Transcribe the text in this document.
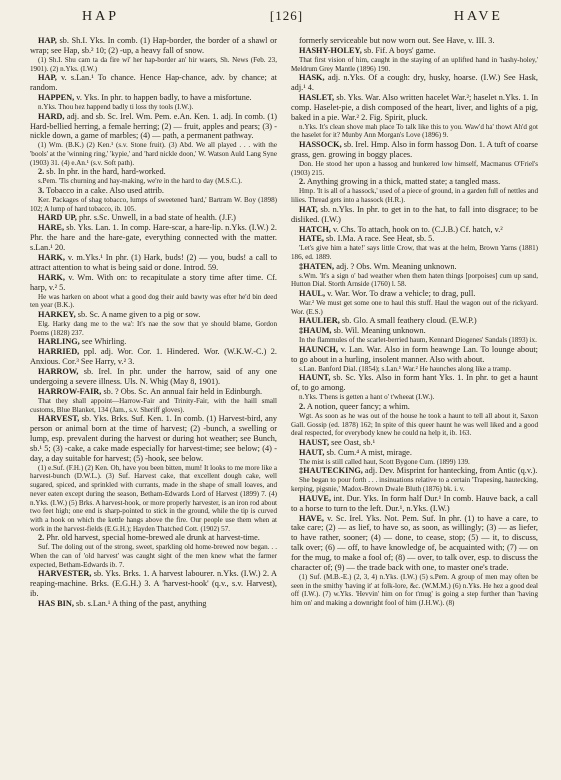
HAP	[126]	HAVE

HAP, sb. Sh.I. Yks. In comb. (1) Hap-border, the border of a shawl or wrap; see Hap, sb.² 10; (2) -up, a heavy fall of snow.

(1) Sh.I. Shu cam ta da fire wi' her hap-border an' hir waers, Sh. News (Feb. 23, 1901). (2) n.Yks. (I.W.)

HAP, v. s.Lan.¹ To chance. Hence Hap-chance, adv. by chance; at random.

HAPPEN, v. Yks. In phr. to happen badly, to have a misfortune.

n.Yks. Thou hez happend badly ti loss thy tools (I.W.).

HARD, adj. and sb. Sc. Irel. Wm. Pem. e.An. Ken. 1. adj. In comb. (1) Hard-bellied herring, a female herring; (2) — fruit, apples and pears; (3) -nickle down, a game of marbles; (4) — path, a permanent pathway.

(1) Wm. (B.K.) (2) Ken.¹ (s.v. Stone fruit). (3) Abd. We all played . . . with the 'bools' at the 'winning ring,' 'kypie,' and 'hard nickle doon,' W. Watson Auld Lang Syne (1903) 31. (4) e.An.¹ (s.v. Soft path).

2. sb. In phr. in the hard, hard-worked.

s.Pem. 'Tis churning and hay-making, we're in the hard to day (M.S.C.).

3. Tobacco in a cake. Also used attrib.

Ker. Packages of shag tobacco, lumps of sweetened 'hard,' Bartram W. Boy (1898) 102; A lump of hard tobacco, ib. 105.

HARD UP, phr. s.Sc. Unwell, in a bad state of health. (J.F.)

HARE, sb. Yks. Lan. 1. In comp. Hare-scar, a hare-lip. n.Yks. (I.W.) 2. Phr. the hare and the hare-gate, everything connected with the matter. s.Lan.¹ 20.

HARK, v. m.Yks.¹ In phr. (1) Hark, buds! (2) — you, buds! a call to attract attention to what is being said or done. Introd. 59.

HARK, v. Wm. With on: to recapitulate a story time after time. Cf. harp, v.² 5.

He was harken on aboot what a good dog their auld bawty was efter he'd bin deed ten year (B.K.).

HARKEY, sb. Sc. A name given to a pig or sow.

Elg. Harky dang me to the wa': It's nae the sow that ye should blame, Gordon Poems (1828) 237.

HARLING, see Whirling.

HARRIED, ppl. adj. Wor. Cor. 1. Hindered. Wor. (W.K.W.-C.) 2. Anxious. Cor.³ See Harry, v.² 3.

HARROW, sb. Irel. In phr. under the harrow, said of any one undergoing a severe illness. Uls. N. Whig (May 8, 1901).

HARROW-FAIR, sb. ? Obs. Sc. An annual fair held in Edinburgh.

That they shall appoint—Harrow-Fair and Trinity-Fair, with the haill small customs, Blue Blanket, 134 (Jam., s.v. Sheriff gloves).

HARVEST, sb. Yks. Brks. Suf. Ken. 1. In comb. (1) Harvest-bird, any person or animal born at the time of harvest; (2) -bunch, a swelling or lump, esp. prevalent during the harvest or during hot weather; see Bunch, sb.¹ 5; (3) -cake, a cake made especially for harvest-time; see below; (4) -day, a day suitable for harvest; (5) -hook, see below.

(1) e.Suf. (F.H.) (2) Ken. Oh, have you been bitten, mum! It looks to me more like a harvest-bunch (D.W.L.). (3) Suf. Harvest cake, that excellent dough cake, well sugared, spiced, and sprinkled with currants, made in the shape of small loaves, and never eaten except during the season, Betham-Edwards Lord of Harvest (1899) 7. (4) n.Yks. (I.W.) (5) Brks. A harvest-hook, or more properly harvester, is an iron rod about two feet high; one end is sharp-pointed to stick in the ground, while the tip is curved with a hook on which the kettle hangs above the fire. Our people use them when at work in the harvest-fields (E.G.H.); Hayden Thatched Cott. (1902) 57.

2. Phr. old harvest, special home-brewed ale drunk at harvest-time.

Suf. The doling out of the strong, sweet, sparkling old home-brewed now began. . . When the can of 'old harvest' was caught sight of the men knew what the farmer expected, Betham-Edwards ib. 7.

HARVESTER, sb. Yks. Brks. 1. A harvest labourer. n.Yks. (I.W.) 2. A reaping-machine. Brks. (E.G.H.) 3. A 'harvest-hook' (q.v., s.v. Harvest), ib.

HAS BIN, sb. s.Lan.¹ A thing of the past, anything

formerly serviceable but now worn out. See Have, v. III. 3.

HASHY-HOLEY, sb. Fif. A boys' game.

That first vision of him, caught in the staying of an uplifted hand in 'hashy-holey,' Meldrum Grey Mantle (1896) 190.

HASK, adj. n.Yks. Of a cough: dry, husky, hoarse. (I.W.) See Hask, adj.¹ 4.

HASLET, sb. Yks. War. Also written hacelet War.²; haselet n.Yks. 1. In comp. Haselet-pie, a dish composed of the heart, liver, and lights of a pig, baked in a pie. War.² 2. Fig. Spirit, pluck.

n.Yks. It's clean shove mah place To talk like this to you. Waw'd ha' thowt Ah'd got the haselet for it? Munby Ann Morgan's Love (1896) 9.

HASSOCK, sb. Irel. Hmp. Also in form hassog Don. 1. A tuft of coarse grass, gen. growing in boggy places.

Don. He stood her upon a hassog and hunkered low himself, Macmanus O'Friel's (1903) 215.

2. Anything growing in a thick, matted state; a tangled mass.

Hmp. 'It is all of a hassock,' used of a piece of ground, in a garden full of nettles and lilies. Thread gets into a hassock (H.R.).

HAT, sb. n.Yks. In phr. to get in to the hat, to fall into disgrace; to be disliked. (I.W.)

HATCH, v. Chs. To attach, hook on to. (C.J.B.) Cf. hatch, v.²

HATE, sb. I.Ma. A race. See Heat, sb. 5.

'Let's give him a hate!' says little Crow, that was at the helm, Brown Yarns (1881) 186, ed. 1889.

‡HATEN, adj. ? Obs. Wm. Meaning unknown.

s.Wm. 'It's a sign o' bad weather when them haten things [porpoises] cum up sand, Hutton Dial. Storth Arnside (1760) l. 58.

HAUL, v. War. Wor. To draw a vehicle; to drag, pull.

War.² We must get some one to haul this stuff. Haul the wagon out of the rickyard. Wor. (E.S.)

HAULIER, sb. Glo. A small feathery cloud. (E.W.P.)

‡HAUM, sb. Wil. Meaning unknown.

In the flammules of the scarlet-berried haum, Kennard Diogenes' Sandals (1893) ix.

HAUNCH, v. Lan. War. Also in form heawnge Lan. To lounge about; to go about in a hurling, insolent manner. Also with about.

s.Lan. Banford Dial. (1854); s.Lan.¹ War.² He haunches along like a tramp.

HAUNT, sb. Sc. Yks. Also in form hant Yks. 1. In phr. to get a haunt of, to go among.

n.Yks. T'hens is getten a hant o' t'wheeat (I.W.).

2. A notion, queer fancy; a whim.

Wgt. As soon as he was out of the house he took a haunt to tell all about it, Saxon Gall. Gossip (ed. 1878) 162; In spite of this queer haunt he was well liked and a good deal respected, for everybody knew he could na help it, ib. 163.

HAUST, see Oast, sb.¹

HAUT, sb. Cum.⁴ A mist, mirage.

The mist is still called haut, Scott Bygone Cum. (1899) 139.

‡HAUTECKING, adj. Dev. Misprint for hantecking, from Antic (q.v.).

She began to pour forth . . . insinuations relative to a certain 'Trapesing, hautecking, kerping, pigsnie,' Madox-Brown Dwale Bluth (1876) bk. i. v.

HAUVE, int. Dur. Yks. In form half Dur.¹ In comb. Hauve back, a call to a horse to turn to the left. Dur.¹, n.Yks. (I.W.)

HAVE, v. Sc. Irel. Yks. Not. Pem. Suf. In phr. (1) to have a care, to take care; (2) — as lief, to have so, as soon, as willingly; (3) — as liefer, to have rather, sooner; (4) — done, to cease, stop; (5) — it, to discuss, talk over; (6) — off, to have knowledge of, be acquainted with; (7) — on for the mug, to make a fool of; (8) — over, to talk over, esp. to discuss the character of; (9) — the trade back with one, to master one's trade.

(1) Suf. (M.B.-E.) (2, 3, 4) n.Yks. (I.W.) (5) s.Pem. A group of men may often be seen in the smithy 'having it' at folk-lore, &c. (W.M.M.) (6) n.Yks. He hez a good deal off (I.W.). (7) w.Yks. 'Hevvin' him on for t'mug' is going a step further than 'having him on' and making a downright fool of him (J.H.W.). (8)
